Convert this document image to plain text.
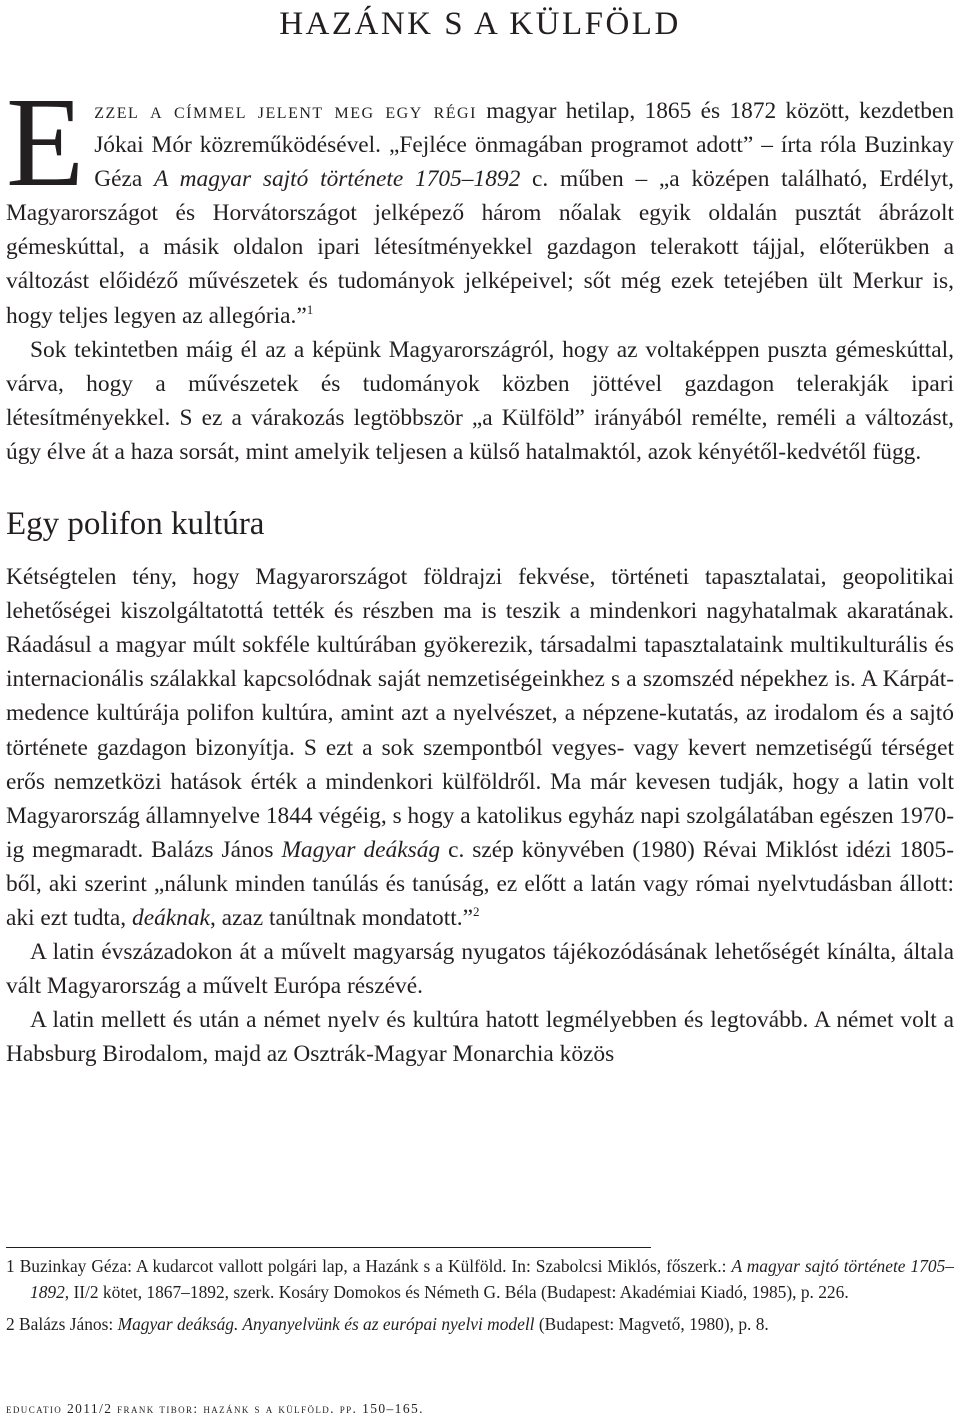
HAZÁNK S A KÜLFÖLD

Ezzel a címmel jelent meg egy régi magyar hetilap, 1865 és 1872 között, kezdetben Jókai Mór közreműködésével. „Fejléce önmagában programot adott” – írta róla Buzinkay Géza A magyar sajtó története 1705–1892 c. műben – „a középen található, Erdélyt, Magyarországot és Horvátországot jelképező három nőalak egyik oldalán pusztát ábrázolt gémeskúttal, a másik oldalon ipari létesítményekkel gazdagon telerakott tájjal, előterükben a változást előidéző művészetek és tudományok jelképeivel; sőt még ezek tetejében ült Merkur is, hogy teljes legyen az allegória.”$^1$

Sok tekintetben máig él az a képünk Magyarországról, hogy az voltaképpen puszta gémeskúttal, várva, hogy a művészetek és tudományok közben jöttével gazdagon telerakják ipari létesítményekkel. S ez a várakozás legtöbbször „a Külföld” irányából remélte, reméli a változást, úgy élve át a haza sorsát, mint amelyik teljesen a külső hatalmaktól, azok kényétől-kedvétől függ.

Egy polifon kultúra

Kétségtelen tény, hogy Magyarországot földrajzi fekvése, történeti tapasztalatai, geopolitikai lehetőségei kiszolgáltatottá tették és részben ma is teszik a mindenkori nagyhatalmak akaratának. Ráadásul a magyar múlt sokféle kultúrában gyökerezik, társadalmi tapasztalataink multikulturális és internacionális szálakkal kapcsolódnak saját nemzetiségeinkhez s a szomszéd népekhez is. A Kárpát-medence kultúrája polifon kultúra, amint azt a nyelvészet, a népzene-kutatás, az irodalom és a sajtó története gazdagon bizonyítja. S ezt a sok szempontból vegyes- vagy kevert nemzetiségű térséget erős nemzetközi hatások érték a mindenkori külföldről. Ma már kevesen tudják, hogy a latin volt Magyarország államnyelve 1844 végéig, s hogy a katolikus egyház napi szolgálatában egészen 1970-ig megmaradt. Balázs János Magyar deákság c. szép könyvében (1980) Révai Miklóst idézi 1805-ből, aki szerint „nálunk minden tanúlás és tanúság, ez előtt a latán vagy római nyelvtudásban állott: aki ezt tudta, deáknak, azaz tanúltnak mondatott.”$^2$

A latin évszázadokon át a művelt magyarság nyugatos tájékozódásának lehetőségét kínálta, általa vált Magyarország a művelt Európa részévé.

A latin mellett és után a német nyelv és kultúra hatott legmélyebben és legtovább. A német volt a Habsburg Birodalom, majd az Osztrák-Magyar Monarchia közös

1 Buzinkay Géza: A kudarcot vallott polgári lap, a Hazánk s a Külföld. In: Szabolcsi Miklós, főszerk.: A magyar sajtó története 1705–1892, II/2 kötet, 1867–1892, szerk. Kosáry Domokos és Németh G. Béla (Budapest: Akadémiai Kiadó, 1985), p. 226.

2 Balázs János: Magyar deákság. Anyanyelvünk és az európai nyelvi modell (Budapest: Magvető, 1980), p. 8.

educatio 2011/2 frank tibor: hazánk s a külföld. pp. 150–165.
